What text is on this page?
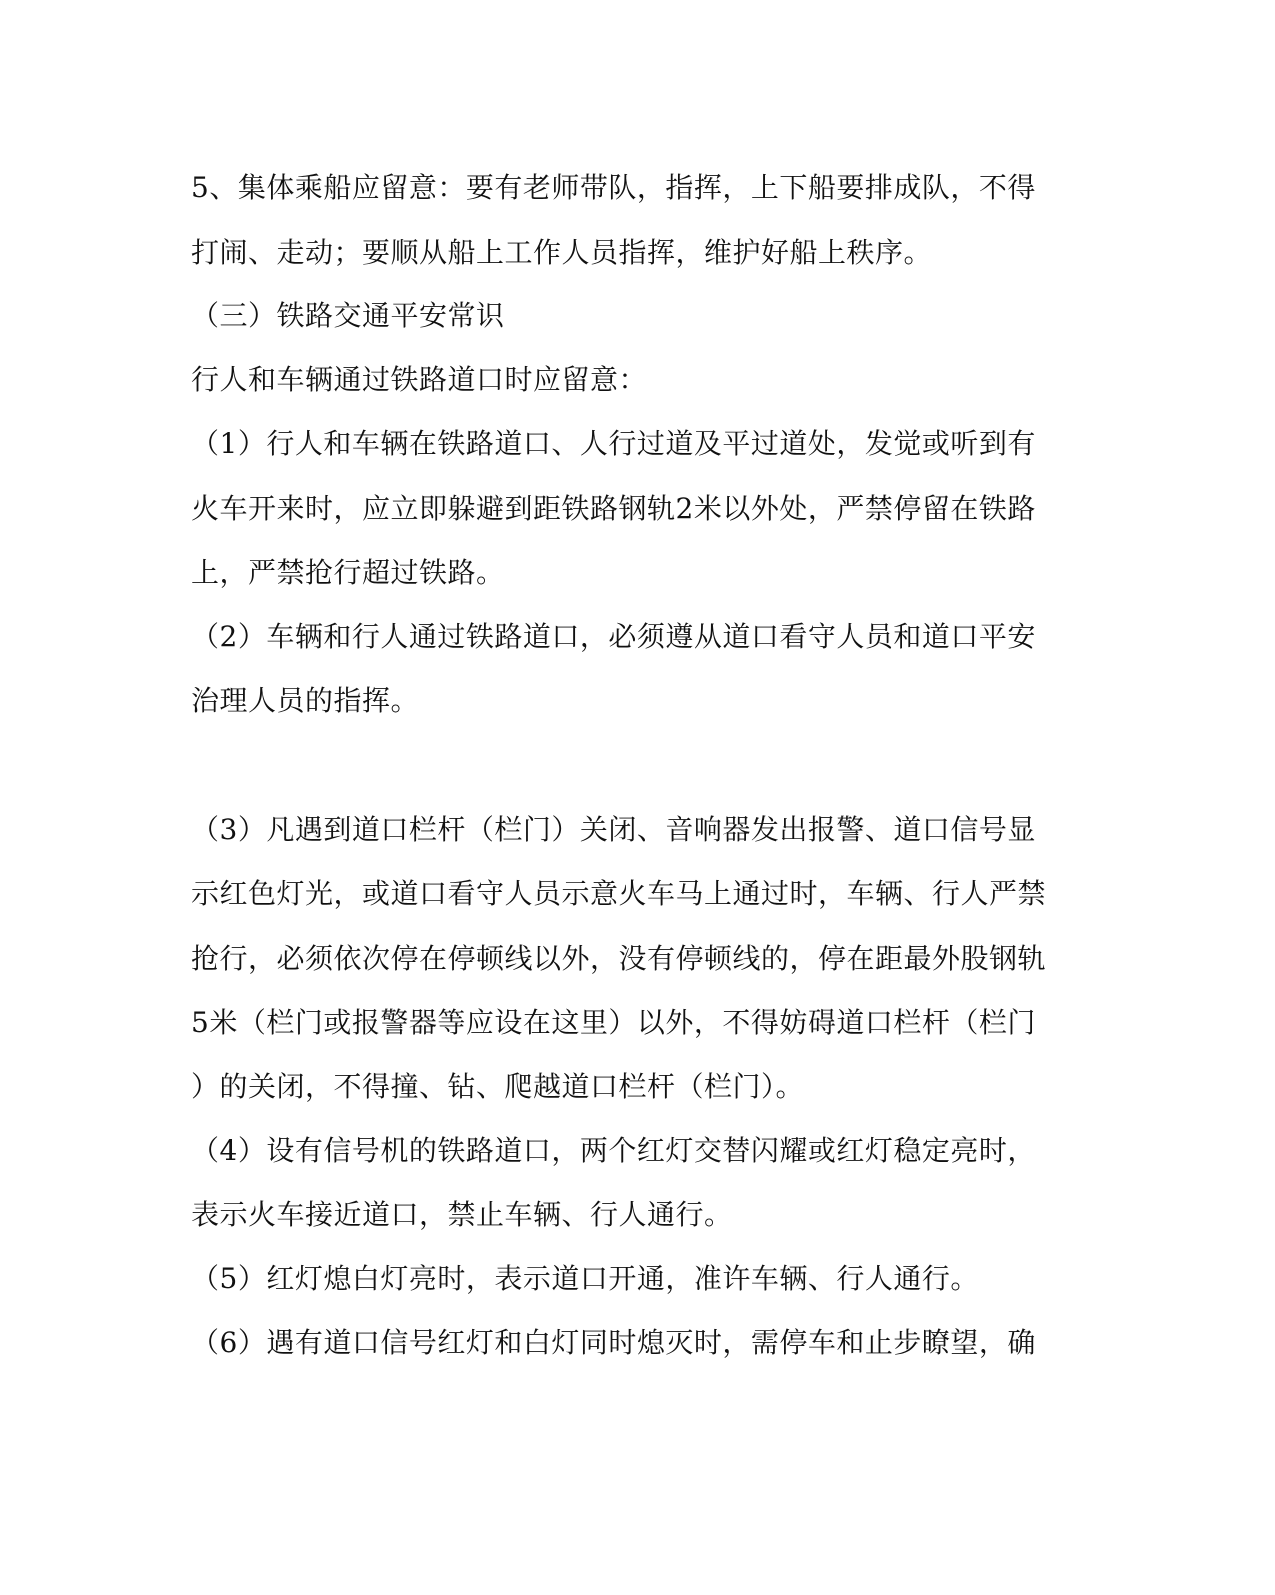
5、集体乘船应留意：要有老师带队，指挥，上下船要排成队，不得
打闹、走动；要顺从船上工作人员指挥，维护好船上秩序。
（三）铁路交通平安常识
行人和车辆通过铁路道口时应留意：
（1）行人和车辆在铁路道口、人行过道及平过道处，发觉或听到有
火车开来时，应立即躲避到距铁路钢轨2米以外处，严禁停留在铁路
上，严禁抢行超过铁路。
（2）车辆和行人通过铁路道口，必须遵从道口看守人员和道口平安
治理人员的指挥。
（3）凡遇到道口栏杆（栏门）关闭、音响器发出报警、道口信号显
示红色灯光，或道口看守人员示意火车马上通过时，车辆、行人严禁
抢行，必须依次停在停顿线以外，没有停顿线的，停在距最外股钢轨
5米（栏门或报警器等应设在这里）以外，不得妨碍道口栏杆（栏门
）的关闭，不得撞、钻、爬越道口栏杆（栏门）。
（4）设有信号机的铁路道口，两个红灯交替闪耀或红灯稳定亮时，
表示火车接近道口，禁止车辆、行人通行。
（5）红灯熄白灯亮时，表示道口开通，准许车辆、行人通行。
（6）遇有道口信号红灯和白灯同时熄灭时，需停车和止步瞭望，确
